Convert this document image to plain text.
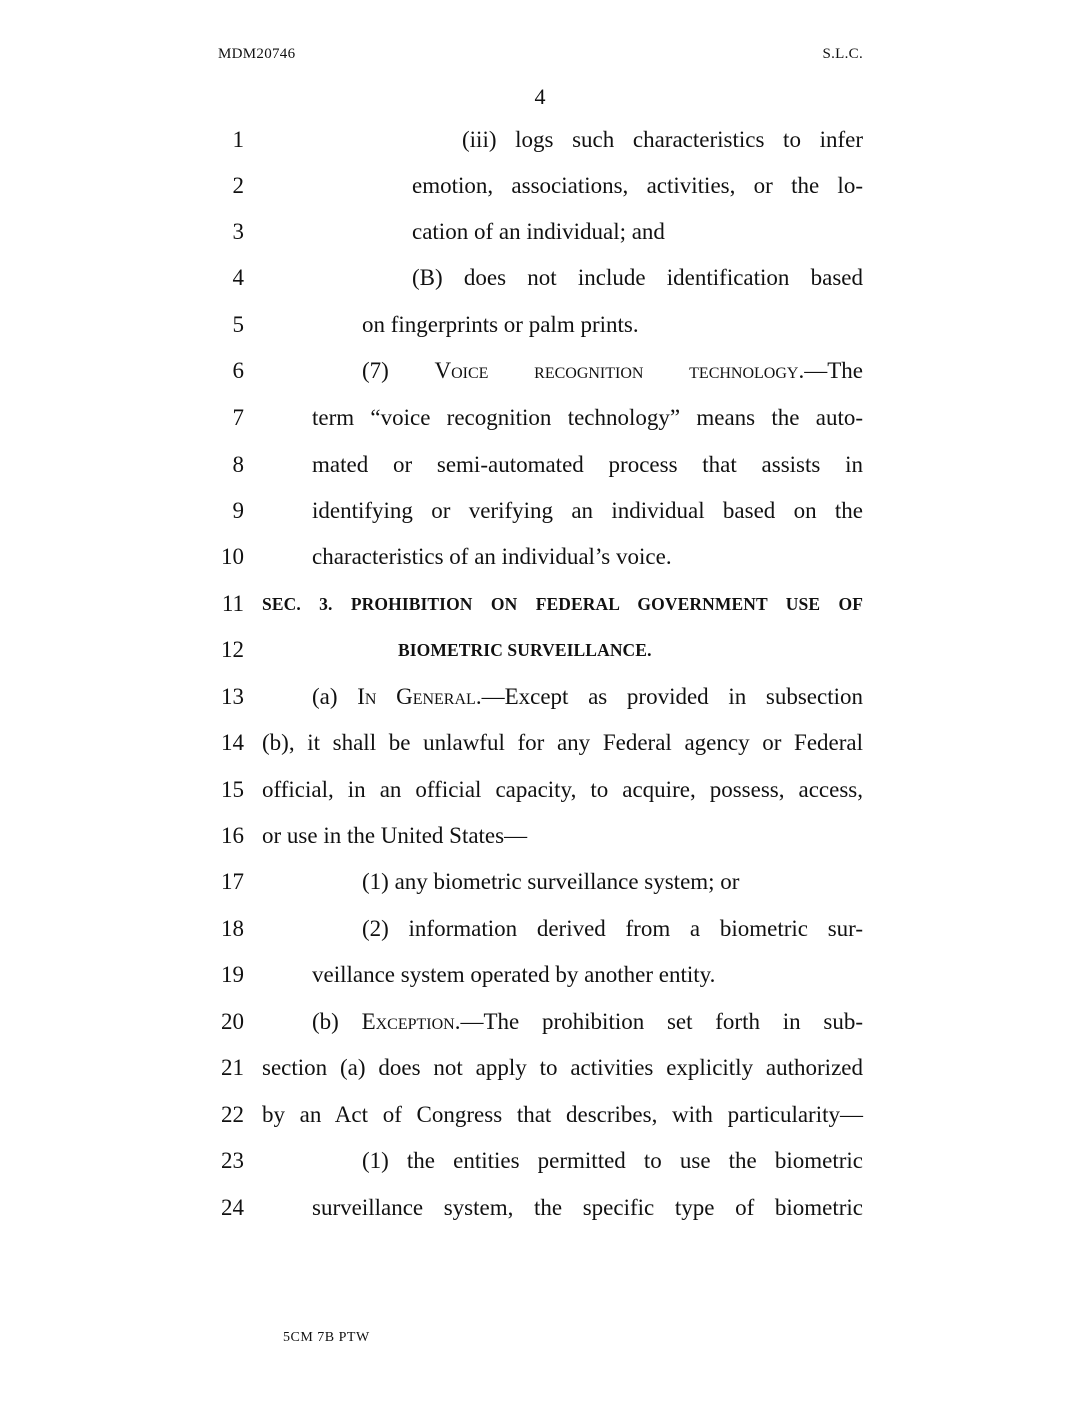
MDM20746	S.L.C.
4
1	(iii) logs such characteristics to infer
2	emotion, associations, activities, or the lo-
3	cation of an individual; and
4	(B) does not include identification based
5	on fingerprints or palm prints.
6	(7) Voice recognition technology.—The
7	term “voice recognition technology” means the auto-
8	mated or semi-automated process that assists in
9	identifying or verifying an individual based on the
10	characteristics of an individual’s voice.
11 SEC. 3. PROHIBITION ON FEDERAL GOVERNMENT USE OF
12	BIOMETRIC SURVEILLANCE.
13	(a) In General.—Except as provided in subsection
14 (b), it shall be unlawful for any Federal agency or Federal
15 official, in an official capacity, to acquire, possess, access,
16 or use in the United States—
17	(1) any biometric surveillance system; or
18	(2) information derived from a biometric sur-
19	veillance system operated by another entity.
20	(b) Exception.—The prohibition set forth in sub-
21 section (a) does not apply to activities explicitly authorized
22 by an Act of Congress that describes, with particularity—
23	(1) the entities permitted to use the biometric
24	surveillance system, the specific type of biometric
5CM 7B PTW
